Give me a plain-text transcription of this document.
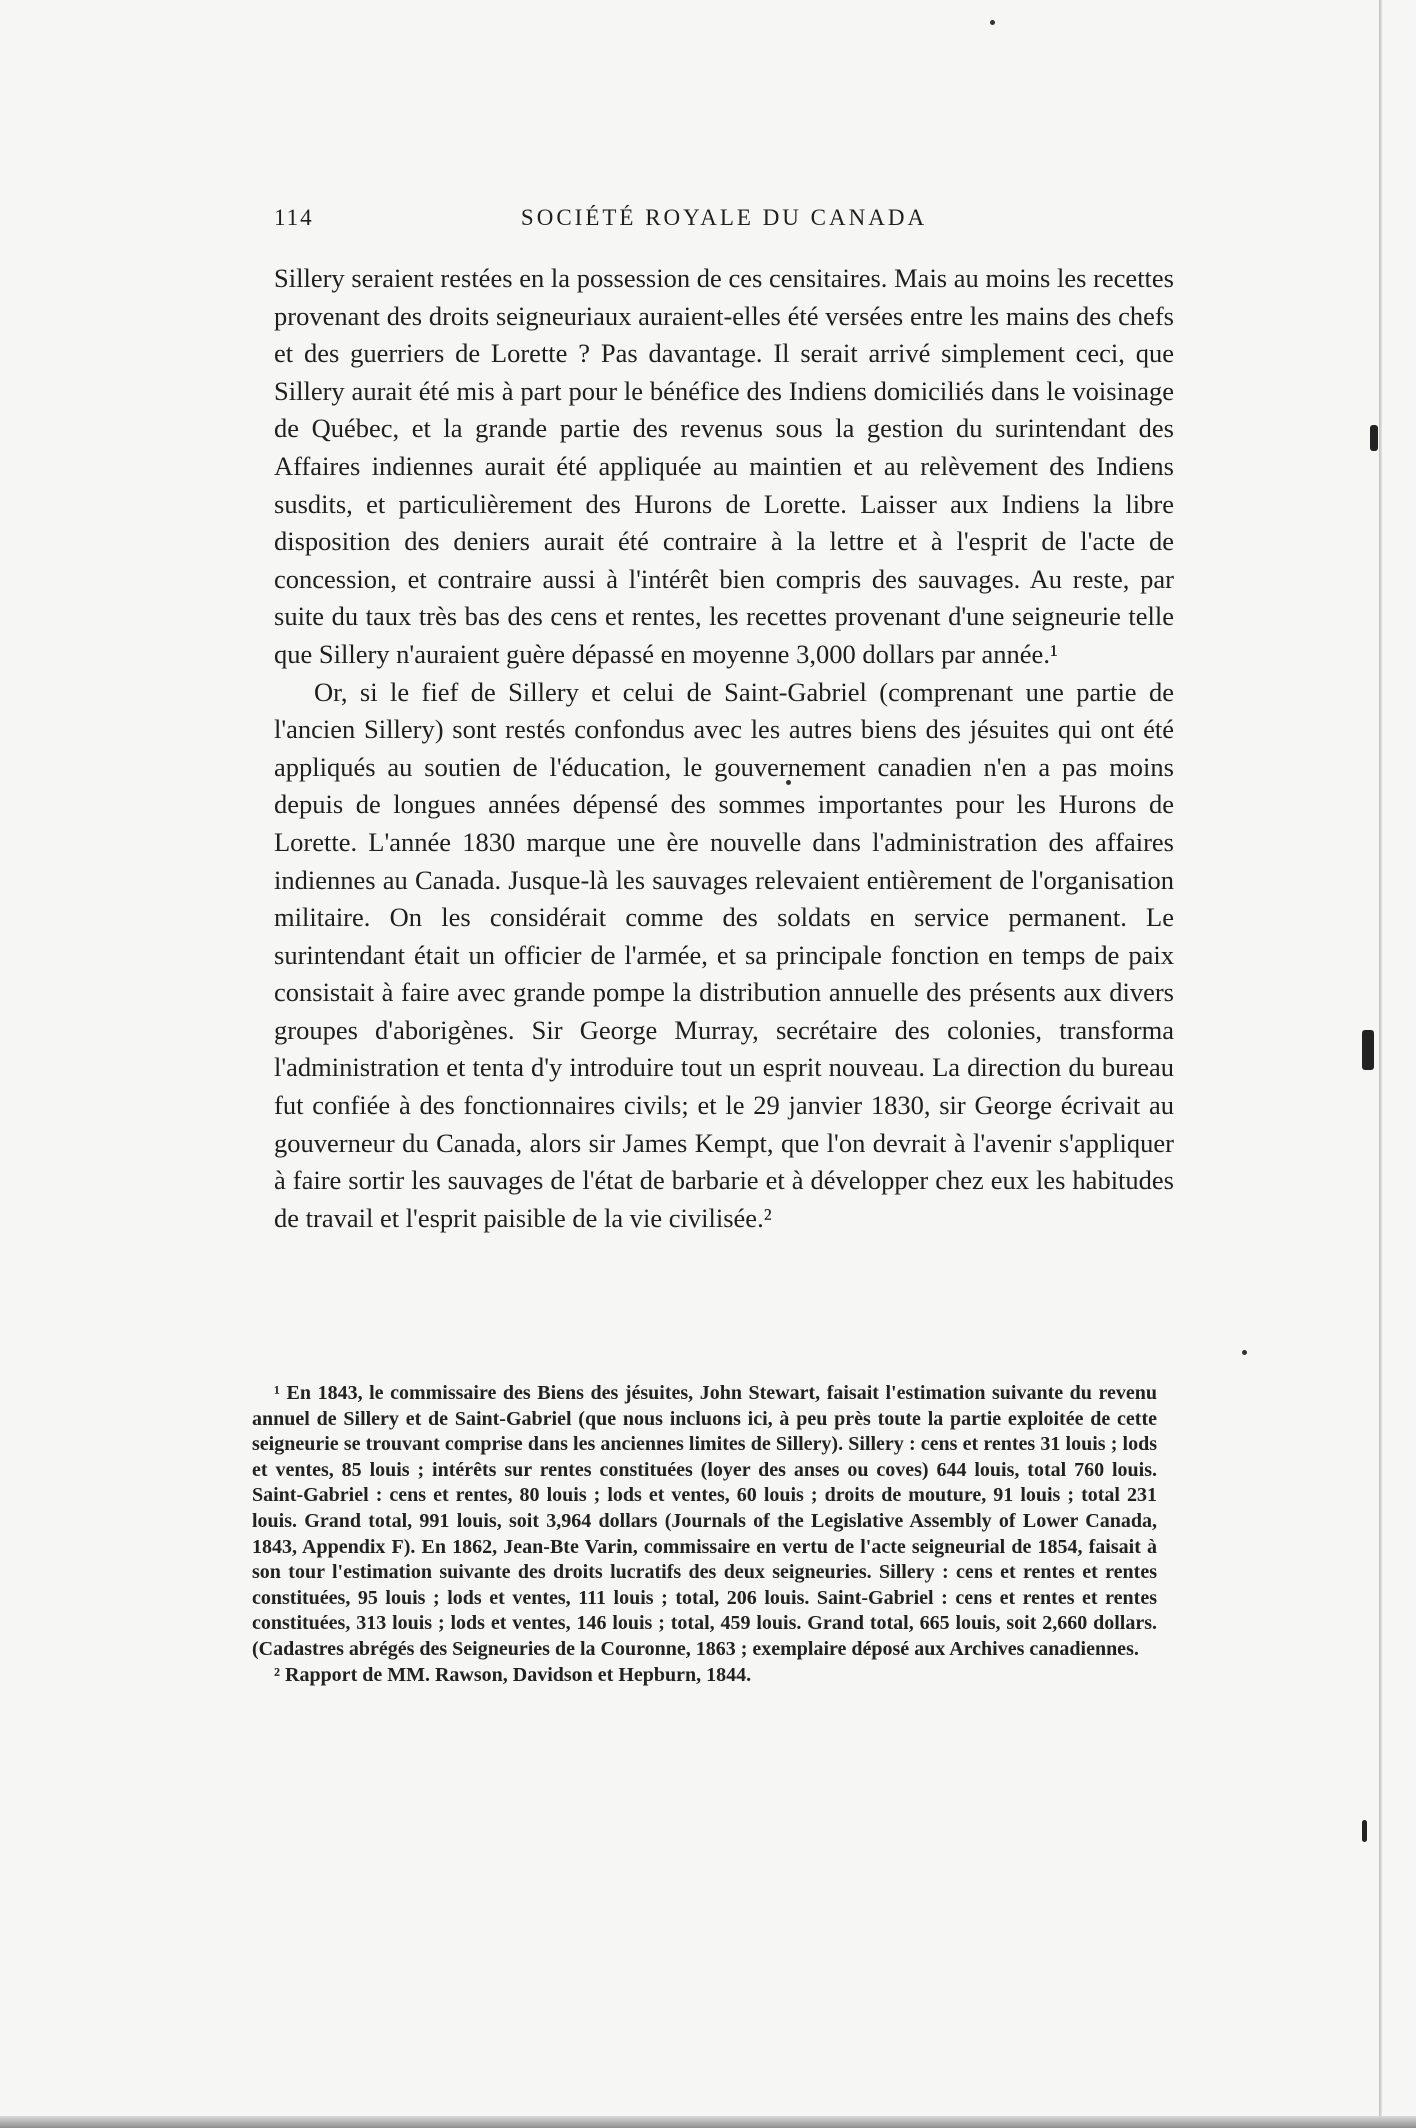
114	SOCIÉTÉ ROYALE DU CANADA

Sillery seraient restées en la possession de ces censitaires. Mais au moins les recettes provenant des droits seigneuriaux auraient-elles été versées entre les mains des chefs et des guerriers de Lorette ? Pas davantage. Il serait arrivé simplement ceci, que Sillery aurait été mis à part pour le bénéfice des Indiens domiciliés dans le voisinage de Québec, et la grande partie des revenus sous la gestion du surintendant des Affaires indiennes aurait été appliquée au maintien et au relèvement des Indiens susdits, et particulièrement des Hurons de Lorette. Laisser aux Indiens la libre disposition des deniers aurait été contraire à la lettre et à l'esprit de l'acte de concession, et contraire aussi à l'intérêt bien compris des sauvages. Au reste, par suite du taux très bas des cens et rentes, les recettes provenant d'une seigneurie telle que Sillery n'auraient guère dépassé en moyenne 3,000 dollars par année.¹

Or, si le fief de Sillery et celui de Saint-Gabriel (comprenant une partie de l'ancien Sillery) sont restés confondus avec les autres biens des jésuites qui ont été appliqués au soutien de l'éducation, le gouvernement canadien n'en a pas moins depuis de longues années dépensé des sommes importantes pour les Hurons de Lorette. L'année 1830 marque une ère nouvelle dans l'administration des affaires indiennes au Canada. Jusque-là les sauvages relevaient entièrement de l'organisation militaire. On les considérait comme des soldats en service permanent. Le surintendant était un officier de l'armée, et sa principale fonction en temps de paix consistait à faire avec grande pompe la distribution annuelle des présents aux divers groupes d'aborigènes. Sir George Murray, secrétaire des colonies, transforma l'administration et tenta d'y introduire tout un esprit nouveau. La direction du bureau fut confiée à des fonctionnaires civils; et le 29 janvier 1830, sir George écrivait au gouverneur du Canada, alors sir James Kempt, que l'on devrait à l'avenir s'appliquer à faire sortir les sauvages de l'état de barbarie et à développer chez eux les habitudes de travail et l'esprit paisible de la vie civilisée.²

¹ En 1843, le commissaire des Biens des jésuites, John Stewart, faisait l'estimation suivante du revenu annuel de Sillery et de Saint-Gabriel (que nous incluons ici, à peu près toute la partie exploitée de cette seigneurie se trouvant comprise dans les anciennes limites de Sillery). Sillery : cens et rentes 31 louis ; lods et ventes, 85 louis ; intérêts sur rentes constituées (loyer des anses ou coves) 644 louis, total 760 louis. Saint-Gabriel : cens et rentes, 80 louis ; lods et ventes, 60 louis ; droits de mouture, 91 louis ; total 231 louis. Grand total, 991 louis, soit 3,964 dollars (Journals of the Legislative Assembly of Lower Canada, 1843, Appendix F). En 1862, Jean-Bte Varin, commissaire en vertu de l'acte seigneurial de 1854, faisait à son tour l'estimation suivante des droits lucratifs des deux seigneuries. Sillery : cens et rentes et rentes constituées, 95 louis ; lods et ventes, 111 louis ; total, 206 louis. Saint-Gabriel : cens et rentes et rentes constituées, 313 louis ; lods et ventes, 146 louis ; total, 459 louis. Grand total, 665 louis, soit 2,660 dollars. (Cadastres abrégés des Seigneuries de la Couronne, 1863 ; exemplaire déposé aux Archives canadiennes.

² Rapport de MM. Rawson, Davidson et Hepburn, 1844.
